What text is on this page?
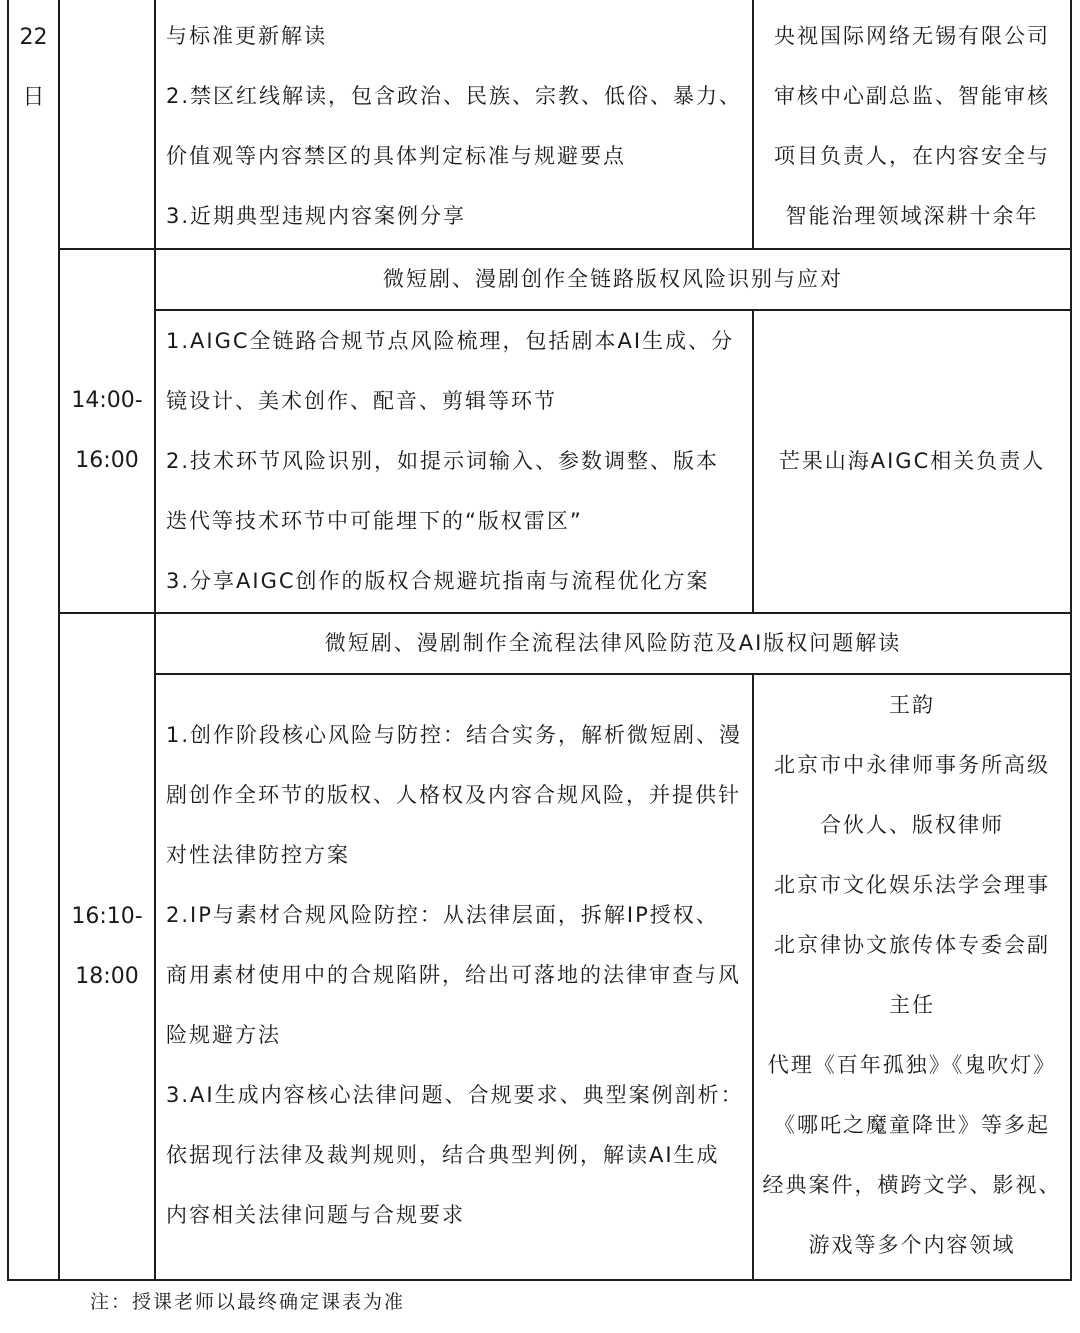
22
日

与标准更新解读

2.禁区红线解读，包含政治、民族、宗教、低俗、暴力、

价值观等内容禁区的具体判定标准与规避要点

3.近期典型违规内容案例分享

央视国际网络无锡有限公司

审核中心副总监、智能审核

项目负责人，在内容安全与

智能治理领域深耕十余年

微短剧、漫剧创作全链路版权风险识别与应对

14:00-
16:00

1.AIGC全链路合规节点风险梳理，包括剧本AI生成、分

镜设计、美术创作、配音、剪辑等环节

2.技术环节风险识别，如提示词输入、参数调整、版本

迭代等技术环节中可能埋下的“版权雷区”

3.分享AIGC创作的版权合规避坑指南与流程优化方案

芒果山海AIGC相关负责人

微短剧、漫剧制作全流程法律风险防范及AI版权问题解读

16:10-
18:00

1.创作阶段核心风险与防控：结合实务，解析微短剧、漫

剧创作全环节的版权、人格权及内容合规风险，并提供针

对性法律防控方案

2.IP与素材合规风险防控：从法律层面，拆解IP授权、

商用素材使用中的合规陷阱，给出可落地的法律审查与风

险规避方法

3.AI生成内容核心法律问题、合规要求、典型案例剖析：

依据现行法律及裁判规则，结合典型判例，解读AI生成

内容相关法律问题与合规要求

王韵

北京市中永律师事务所高级

合伙人、版权律师

北京市文化娱乐法学会理事

北京律协文旅传体专委会副

主任

代理《百年孤独》《鬼吹灯》

《哪吒之魔童降世》等多起

经典案件，横跨文学、影视、

游戏等多个内容领域

注：授课老师以最终确定课表为准
